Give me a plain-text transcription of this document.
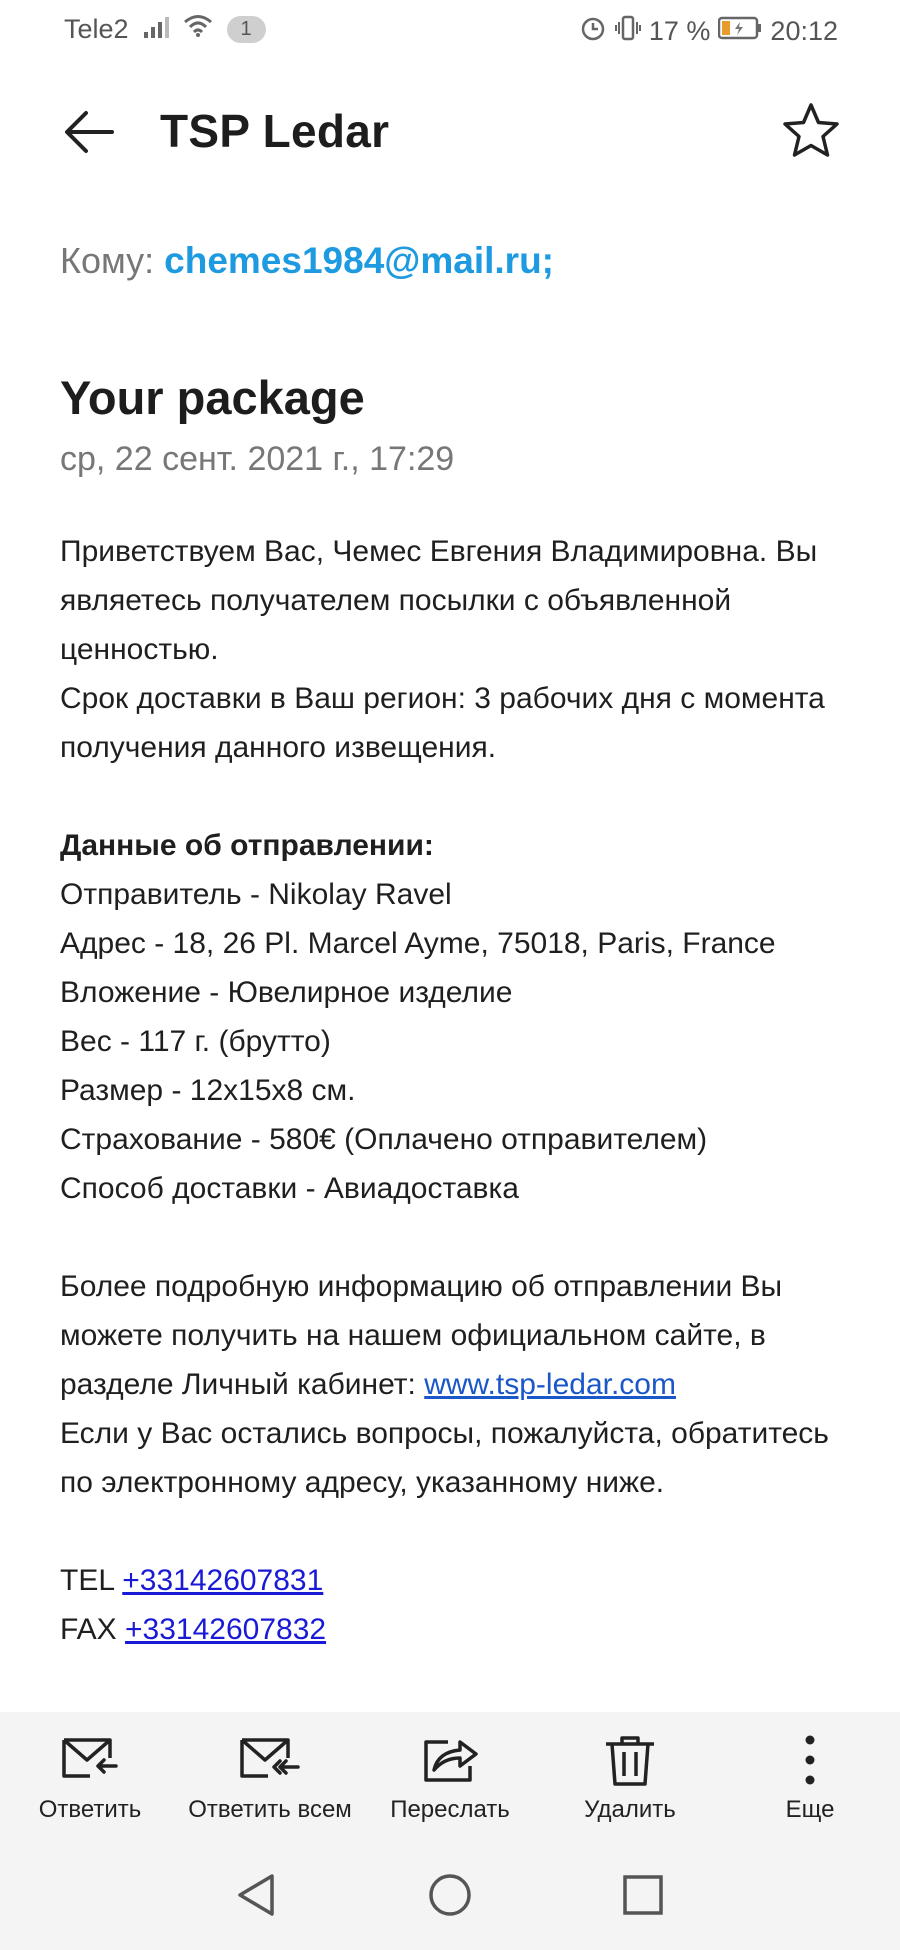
Tele2	1	17 % 20:12
TSP Ledar
Кому: chemes1984@mail.ru;
Your package
ср, 22 сент. 2021 г., 17:29

Приветствуем Вас, Чемес Евгения Владимировна. Вы являетесь получателем посылки с объявленной ценностью.

Срок доставки в Ваш регион: 3 рабочих дня с момента получения данного извещения.

Данные об отправлении:

Отправитель - Nikolay Ravel

Адрес - 18, 26 Pl. Marcel Ayme, 75018, Paris, France

Вложение - Ювелирное изделие

Вес - 117 г. (брутто)

Размер - 12x15x8 см.

Страхование - 580€ (Оплачено отправителем)

Способ доставки - Авиадоставка

Более подробную информацию об отправлении Вы можете получить на нашем официальном сайте, в разделе Личный кабинет: www.tsp-ledar.com

Если у Вас остались вопросы, пожалуйста, обратитесь по электронному адресу, указанному ниже.

TEL +33142607831

FAX +33142607832

Ответить	Ответить всем	Переслать	Удалить	Еще
